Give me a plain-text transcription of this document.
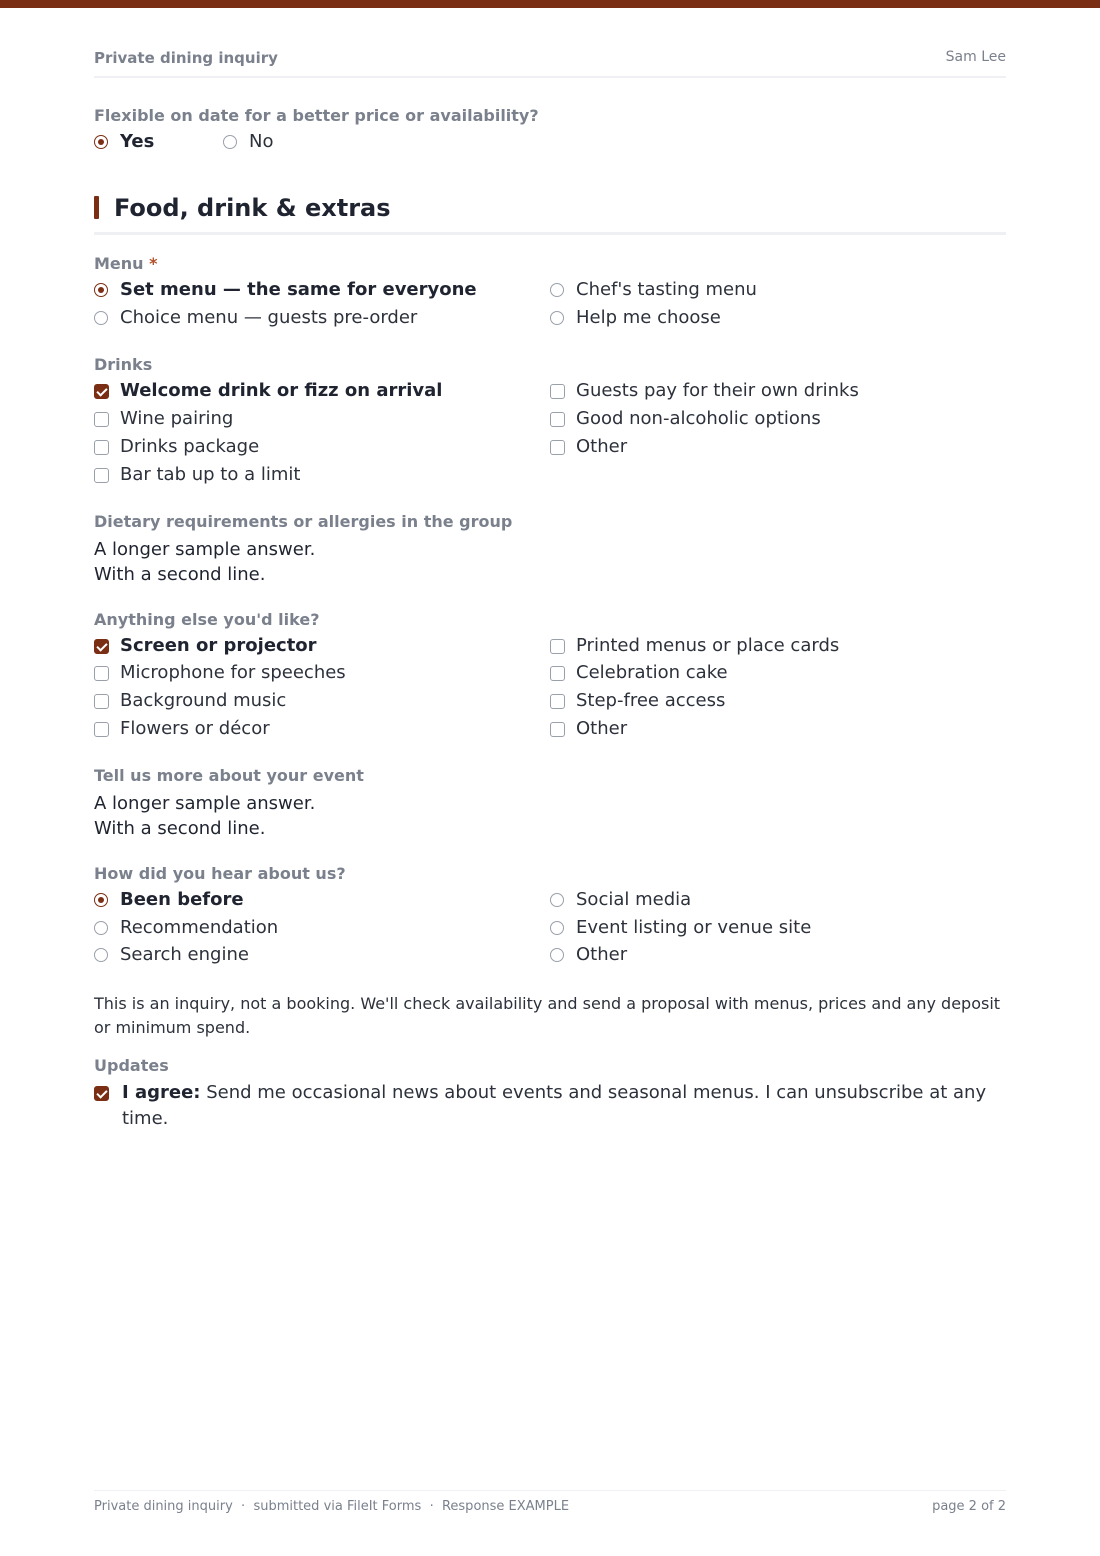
Private dining inquiry	Sam Lee
Flexible on date for a better price or availability?
Yes	No
Food, drink & extras
Menu *
Set menu — the same for everyone	Chef's tasting menu
Choice menu — guests pre-order	Help me choose
Drinks
Welcome drink or fizz on arrival	Guests pay for their own drinks
Wine pairing	Good non-alcoholic options
Drinks package	Other
Bar tab up to a limit
Dietary requirements or allergies in the group
A longer sample answer.
With a second line.
Anything else you'd like?
Screen or projector	Printed menus or place cards
Microphone for speeches	Celebration cake
Background music	Step-free access
Flowers or décor	Other
Tell us more about your event
A longer sample answer.
With a second line.
How did you hear about us?
Been before	Social media
Recommendation	Event listing or venue site
Search engine	Other
This is an inquiry, not a booking. We'll check availability and send a proposal with menus, prices and any deposit or minimum spend.
Updates
I agree: Send me occasional news about events and seasonal menus. I can unsubscribe at any time.
Private dining inquiry  ·  submitted via FileIt Forms  ·  Response EXAMPLE	page 2 of 2
